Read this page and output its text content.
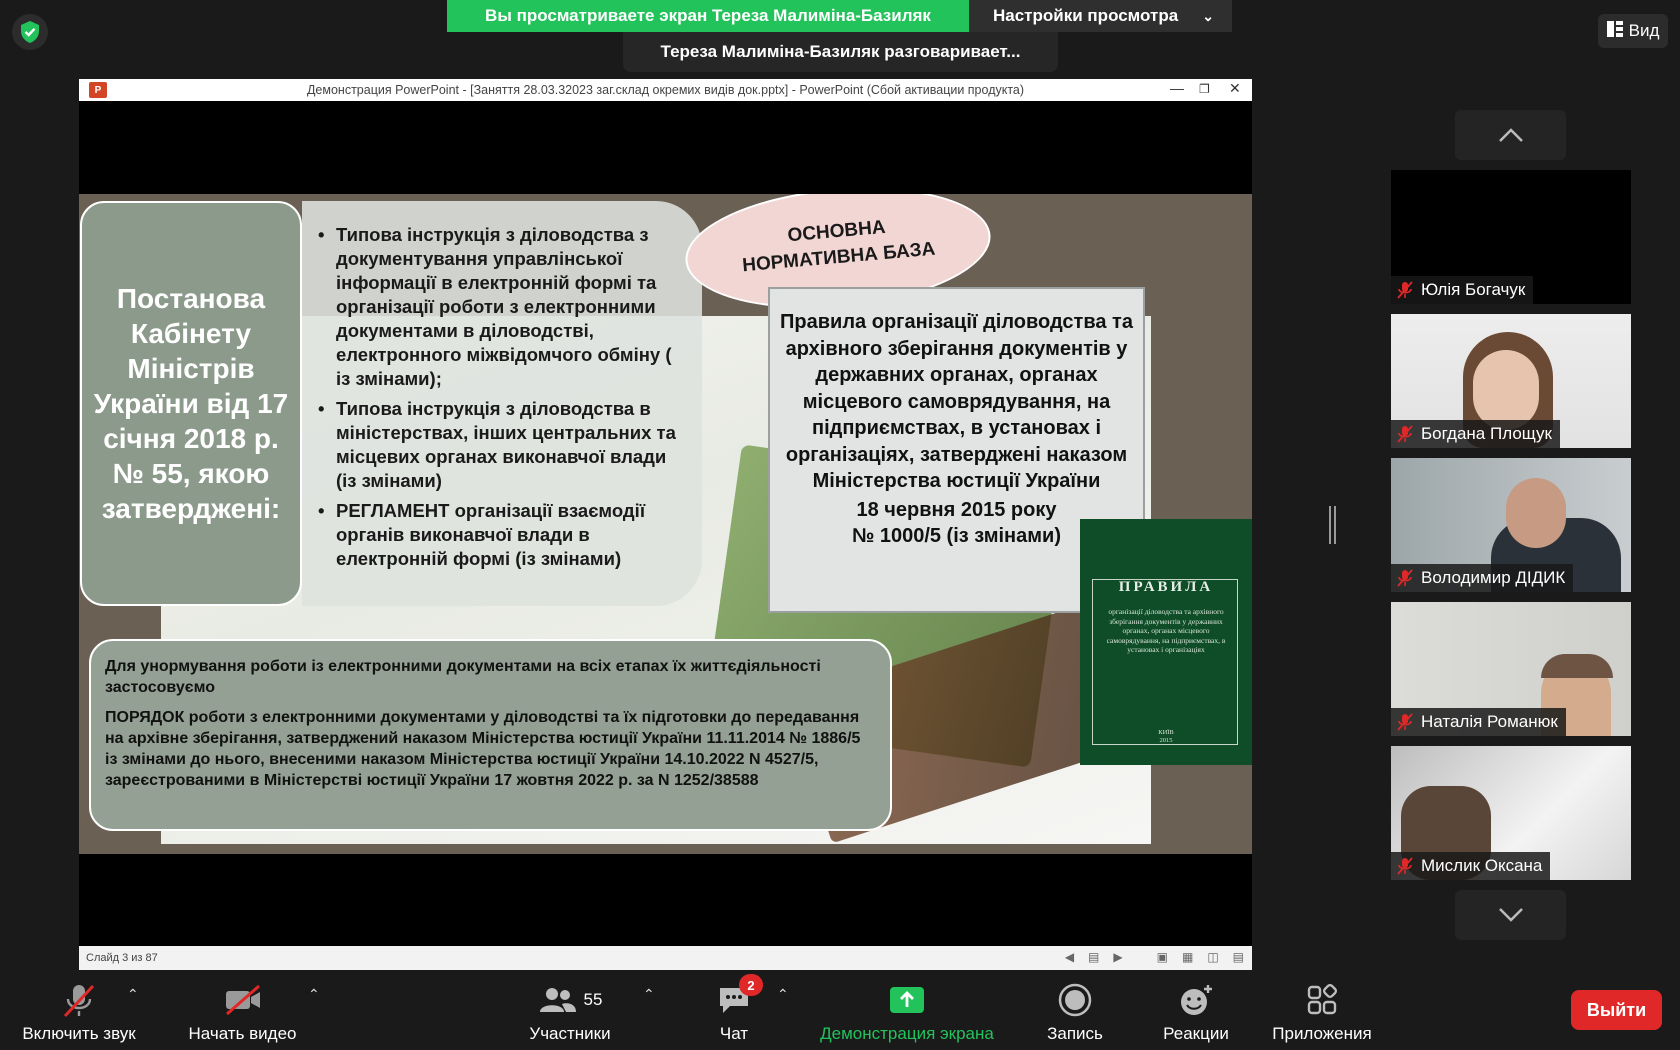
Вы просматриваете экран Тереза Малиміна-Базиляк	Настройки просмотра ⌄
Тереза Малиміна-Базиляк разговаривает...
Вид
P	Демонстрация PowerPoint - [Заняття 28.03.32023 заг.склад окремих видів док.pptx] - PowerPoint (Сбой активации продукта)	— ❐ ✕
Постанова Кабінету Міністрів України від 17 січня 2018 р. № 55, якою затверджені:
• Типова інструкція з діловодства з документування управлінської інформації в електронній формі та організації роботи з електронними документами в діловодстві, електронного міжвідомчого обміну ( із змінами);
• Типова інструкція з діловодства в міністерствах, інших центральних та місцевих органах виконавчої влади (із змінами)
• РЕГЛАМЕНТ організації взаємодії органів виконавчої влади в електронній формі (із змінами)
ОСНОВНА
НОРМАТИВНА БАЗА
Правила організації діловодства та архівного зберігання документів у державних органах, органах місцевого самоврядування, на підприємствах, в установах і організаціях, затверджені наказом Міністерства юстиції України
18 червня 2015 року
№ 1000/5 (із змінами)
ПРАВИЛА
організації діловодства та архівного зберігання документів у державних органах, органах місцевого самоврядування, на підприємствах, в установах і організаціях
КИЇВ
2015

Для унормування роботи із електронними документами на всіх етапах їх життєдіяльності застосовуємо

ПОРЯДОК роботи з електронними документами у діловодстві та їх підготовки до передавання на архівне зберігання, затверджений наказом Міністерства юстиції України 11.11.2014 № 1886/5 із змінами до нього, внесеними наказом Міністерства юстиції України 14.10.2022 N 4527/5, зареєстрованими в Міністерстві юстиції України 17 жовтня 2022 р. за N 1252/38588

Слайд 3 из 87	◀ ▤ ▶	▣ ▦ ◫ ▤
Юлія Богачук
Богдана Площук
Володимир ДІДИК
Наталія Романюк
Мислик Оксана
Включить звук
⌃
Начать видео
⌃	55
Участники
⌃
2
Чат
⌃
Демонстрация экрана	Запись	Реакции	Приложения
Выйти
